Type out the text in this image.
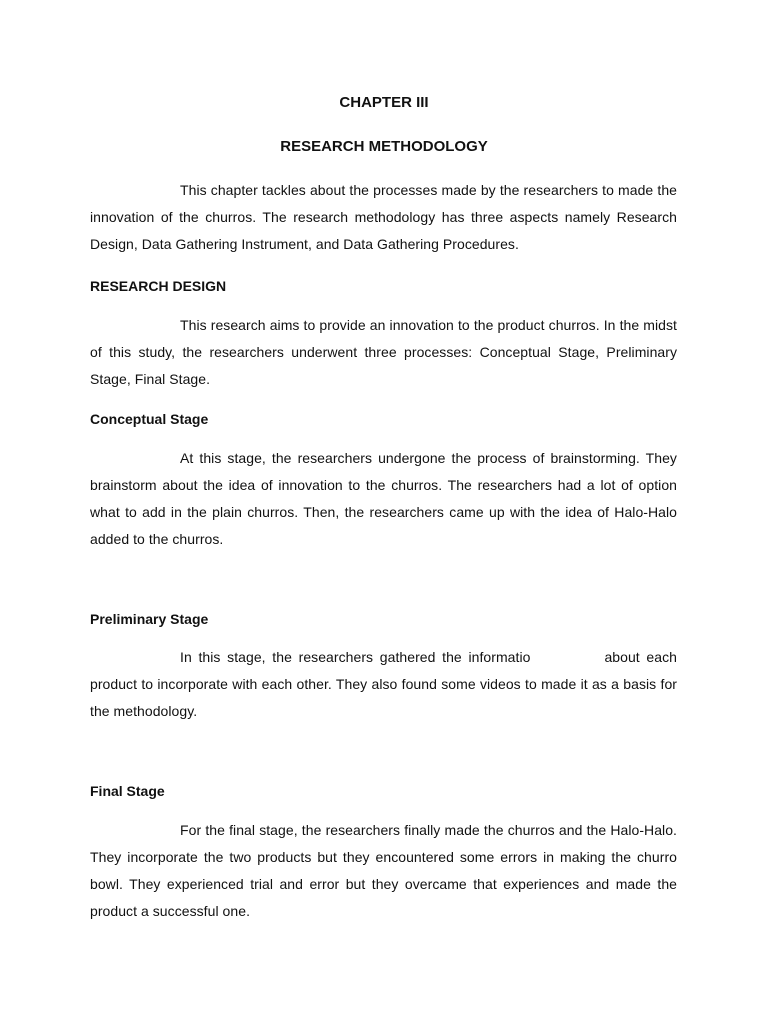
CHAPTER III
RESEARCH METHODOLOGY

This chapter tackles about the processes made by the researchers to made the innovation of the churros. The research methodology has three aspects namely Research Design, Data Gathering Instrument, and Data Gathering Procedures.

RESEARCH DESIGN

This research aims to provide an innovation to the product churros. In the midst of this study, the researchers underwent three processes: Conceptual Stage, Preliminary Stage, Final Stage.

Conceptual Stage

At this stage, the researchers undergone the process of brainstorming. They brainstorm about the idea of innovation to the churros. The researchers had a lot of option what to add in the plain churros. Then, the researchers came up with the idea of Halo-Halo added to the churros.

Preliminary Stage

In this stage, the researchers gathered the informatio	about each product to incorporate with each other. They also found some videos to made it as a basis for the methodology.

Final Stage

For the final stage, the researchers finally made the churros and the Halo-Halo. They incorporate the two products but they encountered some errors in making the churro bowl. They experienced trial and error but they overcame that experiences and made the product a successful one.
